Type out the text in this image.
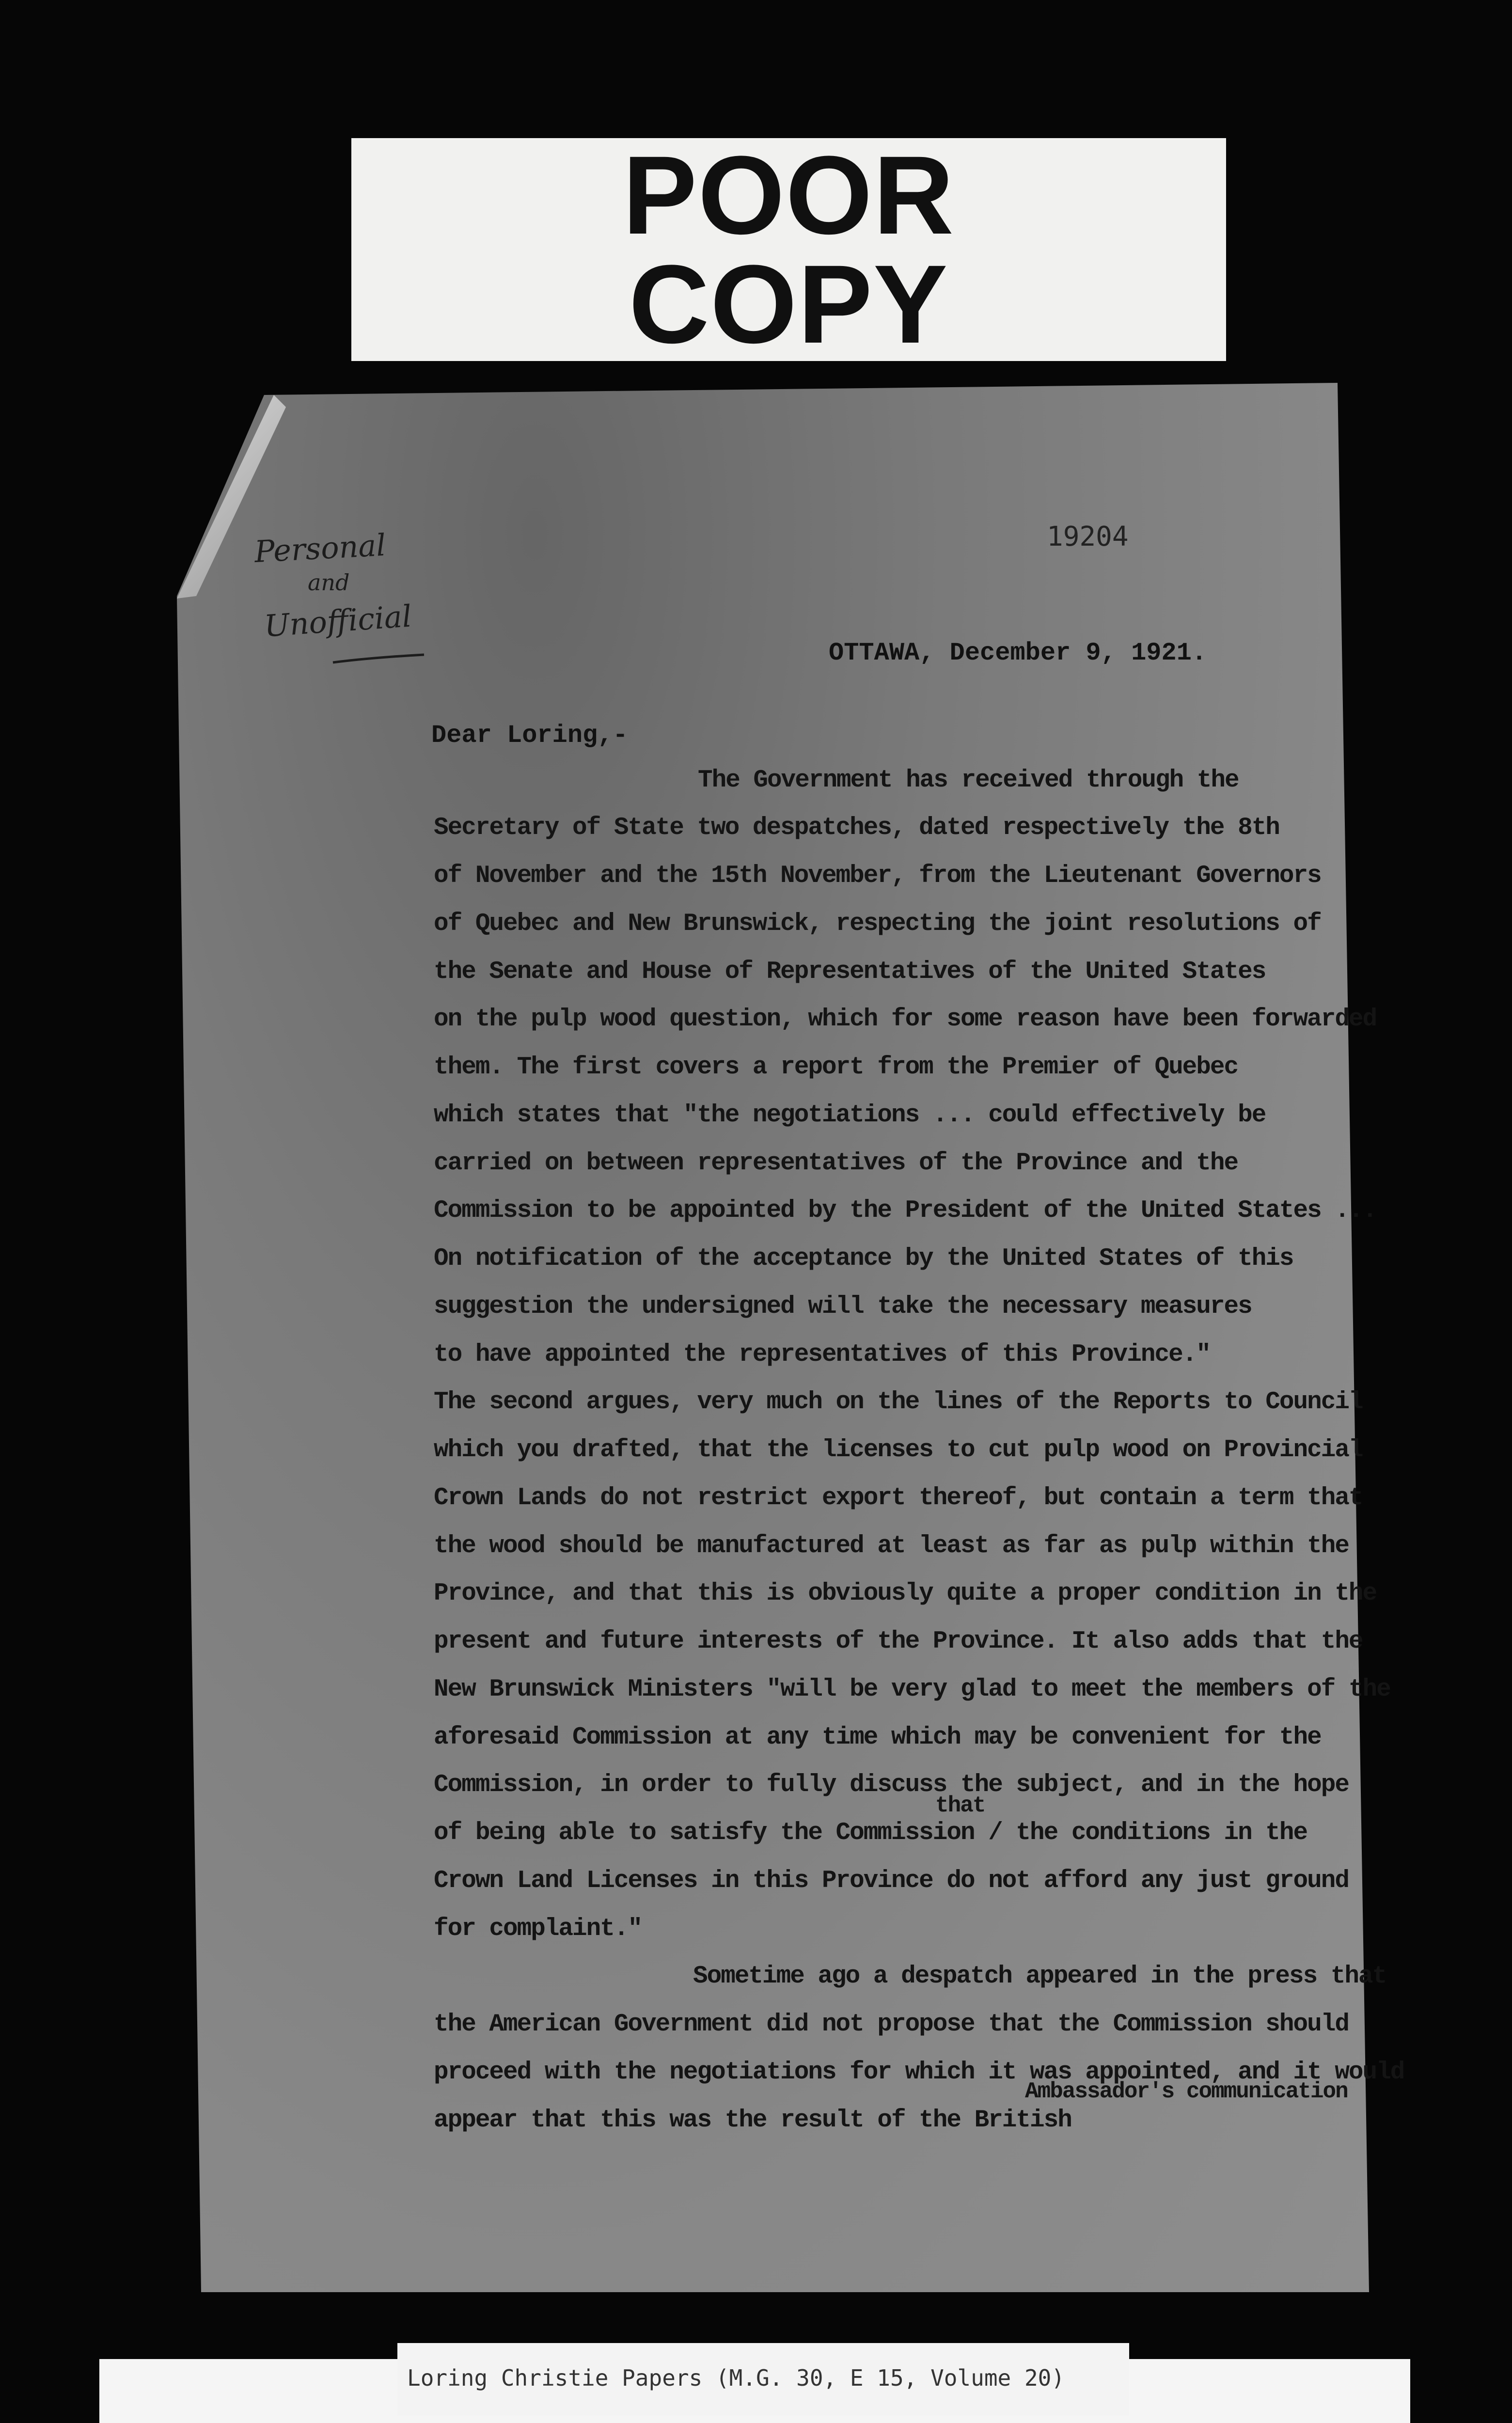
POOR
COPY
19204
Personal
and
Unofficial
OTTAWA, December 9, 1921.
Dear Loring,-
The Government has received through the
Secretary of State two despatches, dated respectively the 8th
of November and the 15th November, from the Lieutenant Governors
of Quebec and New Brunswick, respecting the joint resolutions of
the Senate and House of Representatives of the United States
on the pulp wood question, which for some reason have been forwarded
them. The first covers a report from the Premier of Quebec
which states that "the negotiations ... could effectively be
carried on between representatives of the Province and the
Commission to be appointed by the President of the United States ...
On notification of the acceptance by the United States of this
suggestion the undersigned will take the necessary measures
to have appointed the representatives of this Province."
The second argues, very much on the lines of the Reports to Council
which you drafted, that the licenses to cut pulp wood on Provincial
Crown Lands do not restrict export thereof, but contain a term that
the wood should be manufactured at least as far as pulp within the
Province, and that this is obviously quite a proper condition in the
present and future interests of the Province. It also adds that the
New Brunswick Ministers "will be very glad to meet the members of the
aforesaid Commission at any time which may be convenient for the
Commission, in order to fully discuss the subject, and in the hope
that
of being able to satisfy the Commission / the conditions in the
Crown Land Licenses in this Province do not afford any just ground
for complaint."
Sometime ago a despatch appeared in the press that
the American Government did not propose that the Commission should
proceed with the negotiations for which it was appointed, and it would
Ambassador's communication
appear that this was the result of the British
Loring Christie Papers (M.G. 30, E 15, Volume 20)
